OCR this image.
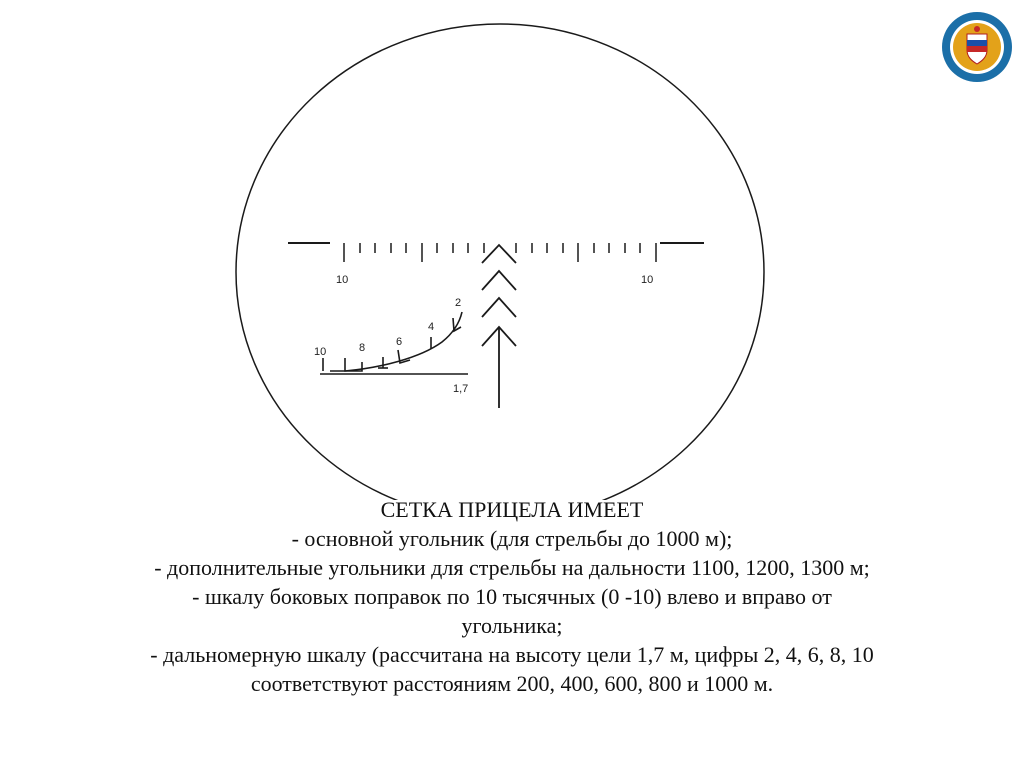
10	10
10	8	6
4
2
1,7
СЕТКА ПРИЦЕЛА ИМЕЕТ
- основной угольник (для стрельбы до 1000 м);
- дополнительные угольники для стрельбы на дальности 1100, 1200, 1300 м;
- шкалу боковых поправок по 10 тысячных (0 -10) влево и вправо от
угольника;
- дальномерную шкалу (рассчитана на высоту цели 1,7 м, цифры 2, 4, 6, 8, 10
соответствуют расстояниям 200, 400, 600, 800 и 1000 м.
